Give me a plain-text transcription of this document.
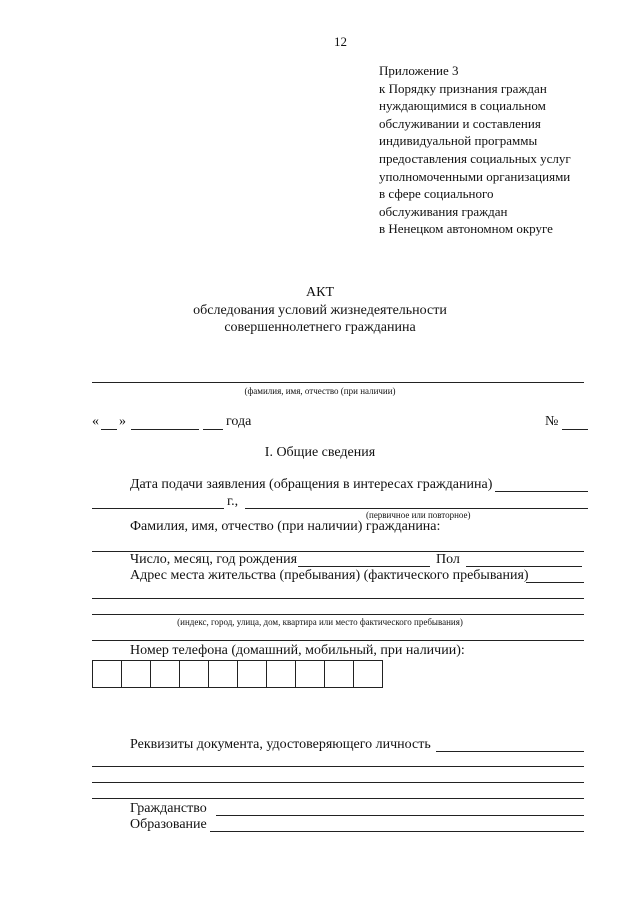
12
Приложение 3
к Порядку признания граждан
нуждающимися в социальном
обслуживании и составления
индивидуальной программы
предоставления социальных услуг
уполномоченными организациями
в сфере социального
обслуживания граждан
в Ненецком автономном округе
АКТ
обследования условий жизнедеятельности
совершеннолетнего гражданина
(фамилия, имя, отчество (при наличии)
« »	года	№
I. Общие сведения
Дата подачи заявления (обращения в интересах гражданина)
г.,
(первичное или повторное)
Фамилия, имя, отчество (при наличии) гражданина:
Число, месяц, год рождения	Пол
Адрес места жительства (пребывания) (фактического пребывания)
(индекс, город, улица, дом, квартира или место фактического пребывания)
Номер телефона (домашний, мобильный, при наличии):
Реквизиты документа, удостоверяющего личность
Гражданство
Образование
